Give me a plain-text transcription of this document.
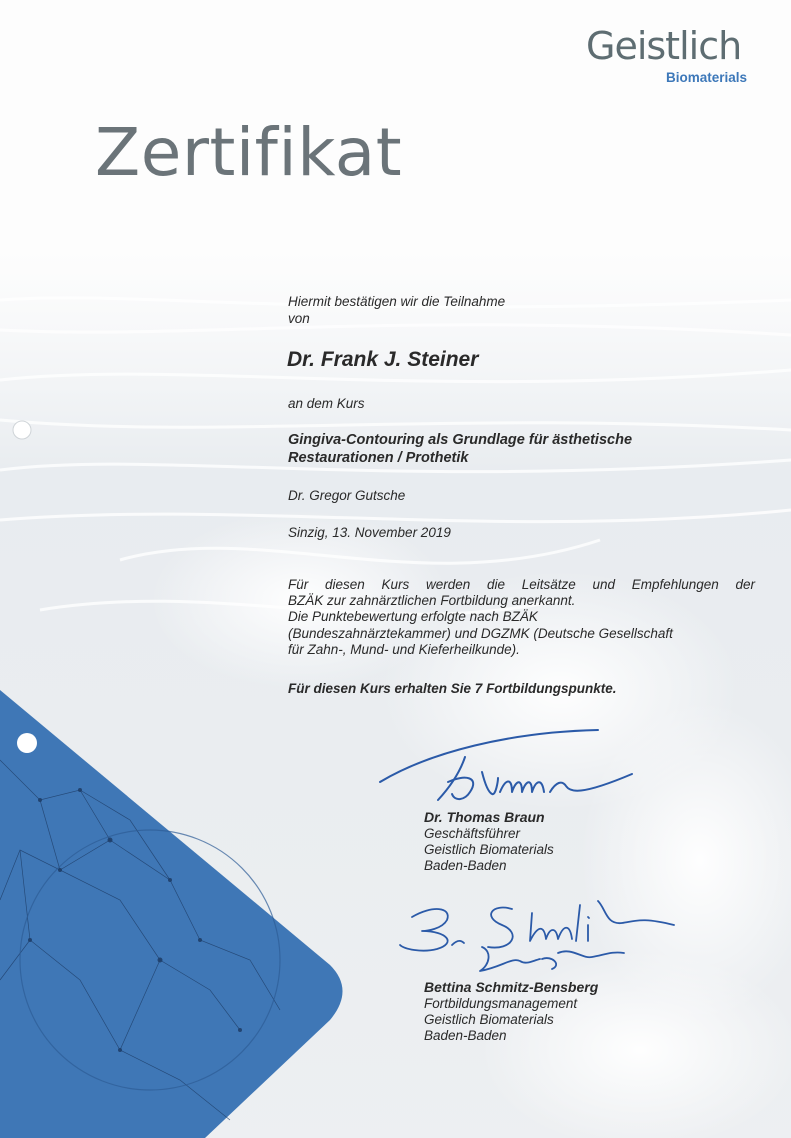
Geistlich
Biomaterials
Zertifikat
Hiermit bestätigen wir die Teilnahme
von
Dr. Frank J. Steiner
an dem Kurs
Gingiva-Contouring als Grundlage für ästhetische
Restaurationen / Prothetik
Dr. Gregor Gutsche
Sinzig, 13. November 2019
Für diesen Kurs werden die Leitsätze und Empfehlungen der
BZÄK zur zahnärztlichen Fortbildung anerkannt.
Die Punktebewertung erfolgte nach BZÄK
(Bundeszahnärztekammer) und DGZMK (Deutsche Gesellschaft
für Zahn-, Mund- und Kieferheilkunde).
Für diesen Kurs erhalten Sie 7 Fortbildungspunkte.
Dr. Thomas Braun
Geschäftsführer
Geistlich Biomaterials
Baden-Baden
Bettina Schmitz-Bensberg
Fortbildungsmanagement
Geistlich Biomaterials
Baden-Baden
